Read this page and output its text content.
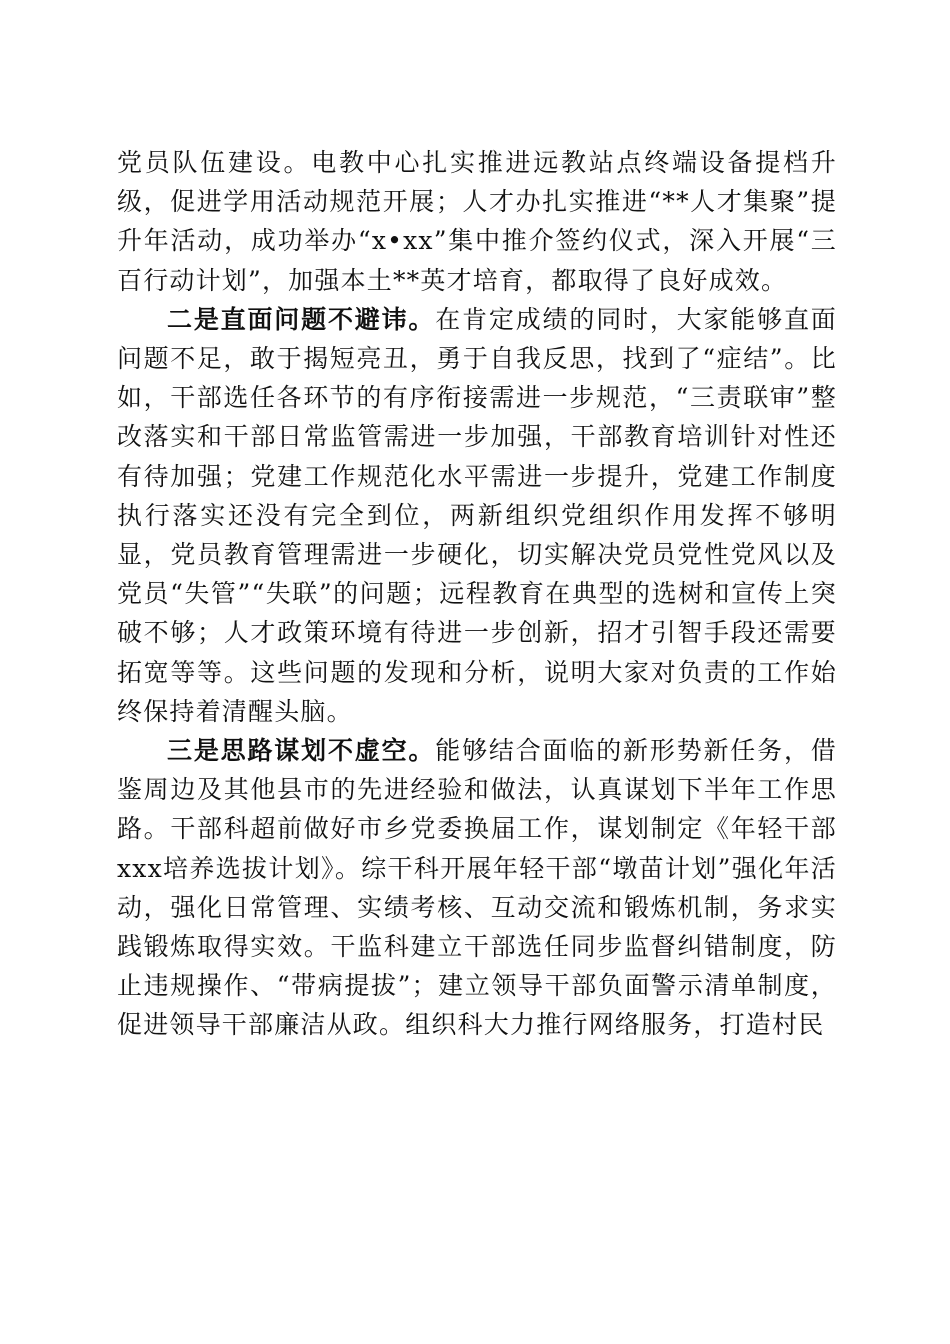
党员队伍建设。电教中心扎实推进远教站点终端设备提档升级，促进学用活动规范开展；人才办扎实推进“**人才集聚”提升年活动，成功举办“x•xx”集中推介签约仪式，深入开展“三百行动计划”，加强本土**英才培育，都取得了良好成效。

二是直面问题不避讳。在肯定成绩的同时，大家能够直面问题不足，敢于揭短亮丑，勇于自我反思，找到了“症结”。比如，干部选任各环节的有序衔接需进一步规范，“三责联审”整改落实和干部日常监管需进一步加强，干部教育培训针对性还有待加强；党建工作规范化水平需进一步提升，党建工作制度执行落实还没有完全到位，两新组织党组织作用发挥不够明显，党员教育管理需进一步硬化，切实解决党员党性党风以及党员“失管”“失联”的问题；远程教育在典型的选树和宣传上突破不够；人才政策环境有待进一步创新，招才引智手段还需要拓宽等等。这些问题的发现和分析，说明大家对负责的工作始终保持着清醒头脑。

三是思路谋划不虚空。能够结合面临的新形势新任务，借鉴周边及其他县市的先进经验和做法，认真谋划下半年工作思路。干部科超前做好市乡党委换届工作，谋划制定《年轻干部xxx培养选拔计划》。综干科开展年轻干部“墩苗计划”强化年活动，强化日常管理、实绩考核、互动交流和锻炼机制，务求实践锻炼取得实效。干监科建立干部选任同步监督纠错制度，防止违规操作、“带病提拔”；建立领导干部负面警示清单制度，促进领导干部廉洁从政。组织科大力推行网络服务，打造村民
